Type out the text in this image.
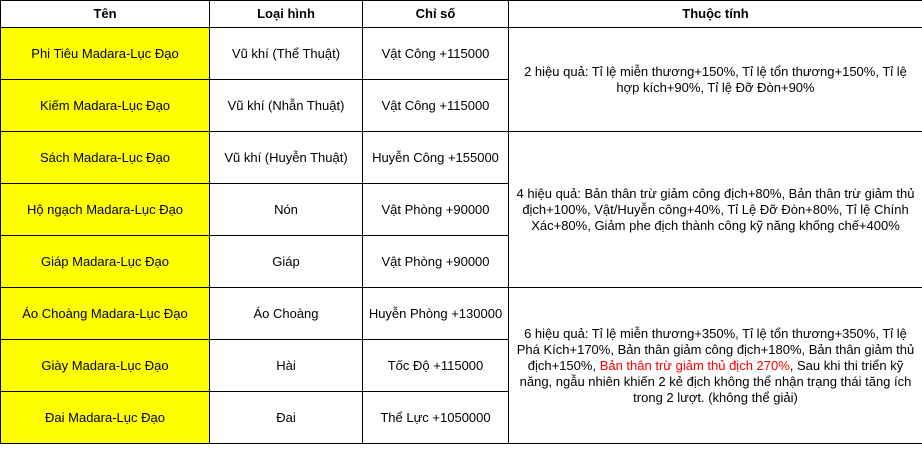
Tên	Loại hình	Chỉ số	Thuộc tính
Phi Tiêu Madara-Lục Đạo	Vũ khí (Thể Thuật)	Vật Công +115000	2 hiệu quả: Tỉ lệ miễn thương+150%, Tỉ lệ tổn thương+150%, Tỉ lệ hợp kích+90%, Tỉ lệ Đỡ Đòn+90%
Kiếm Madara-Lục Đạo	Vũ khí (Nhẫn Thuật)	Vật Công +115000	
Sách Madara-Lục Đạo	Vũ khí (Huyễn Thuật)	Huyễn Công +155000	4 hiệu quả: Bản thân trừ giảm công địch+80%, Bản thân trừ giảm thủ địch+100%, Vật/Huyễn công+40%, Tỉ Lệ Đỡ Đòn+80%, Tỉ lệ Chính Xác+80%, Giảm phe địch thành công kỹ năng khống chế+400%
Hộ ngạch Madara-Lục Đạo	Nón	Vật Phòng +90000	
Giáp Madara-Lục Đạo	Giáp	Vật Phòng +90000	
Áo Choàng Madara-Lục Đạo	Áo Choàng	Huyễn Phòng +130000	6 hiệu quả: Tỉ lệ miễn thương+350%, Tỉ lệ tổn thương+350%, Tỉ lệ Phá Kích+170%, Bản thân giảm công địch+180%, Bản thân giảm thủ địch+150%, Bản thân trừ giảm thủ địch 270%, Sau khi thi triển kỹ năng, ngẫu nhiên khiến 2 kẻ địch không thể nhận trạng thái tăng ích trong 2 lượt. (không thể giải)
Giày Madara-Lục Đạo	Hài	Tốc Độ +115000	
Đai Madara-Lục Đạo	Đai	Thể Lực +1050000	
